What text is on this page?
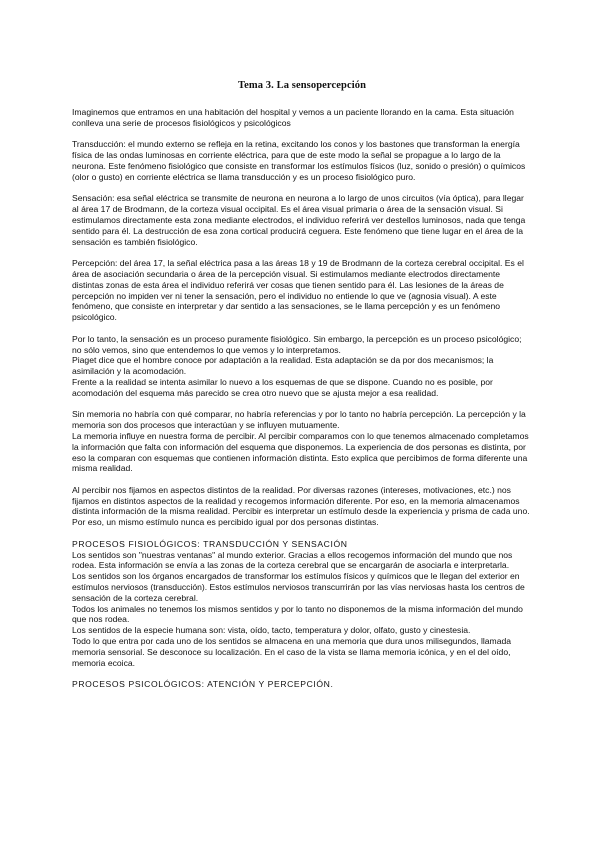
Tema 3. La sensopercepción

Imaginemos que entramos en una habitación del hospital y vemos a un paciente llorando en la cama. Esta situación conlleva una serie de procesos fisiológicos y psicológicos

Transducción: el mundo externo se refleja en la retina, excitando los conos y los bastones que transforman la energía física de las ondas luminosas en corriente eléctrica, para que de este modo la señal se propague a lo largo de la neurona. Este fenómeno fisiológico que consiste en transformar los estímulos físicos (luz, sonido o presión) o químicos (olor o gusto) en corriente eléctrica se llama transducción y es un proceso fisiológico puro.

Sensación: esa señal eléctrica se transmite de neurona en neurona a lo largo de unos circuitos (vía óptica), para llegar al área 17 de Brodmann, de la corteza visual occipital. Es el área visual primaria o área de la sensación visual. Si estimulamos directamente esta zona mediante electrodos, el individuo referirá ver destellos luminosos, nada que tenga sentido para él. La destrucción de esa zona cortical producirá ceguera. Este fenómeno que tiene lugar en el área de la sensación es también fisiológico.

Percepción: del área 17, la señal eléctrica pasa a las áreas 18 y 19 de Brodmann de la corteza cerebral occipital. Es el área de asociación secundaria o área de la percepción visual. Si estimulamos mediante electrodos directamente distintas zonas de esta área el individuo referirá ver cosas que tienen sentido para él. Las lesiones de la áreas de percepción no impiden ver ni tener la sensación, pero el individuo no entiende lo que ve (agnosia visual). A este fenómeno, que consiste en interpretar y dar sentido a las sensaciones, se le llama percepción y es un fenómeno psicológico.

Por lo tanto, la sensación es un proceso puramente fisiológico. Sin embargo, la percepción es un proceso psicológico; no sólo vemos, sino que entendemos lo que vemos y lo interpretamos.

Piaget dice que el hombre conoce por adaptación a la realidad. Esta adaptación se da por dos mecanismos; la asimilación y la acomodación.

Frente a la realidad se intenta asimilar lo nuevo a los esquemas de que se dispone. Cuando no es posible, por acomodación del esquema más parecido se crea otro nuevo que se ajusta mejor a esa realidad.

Sin memoria no habría con qué comparar, no habría referencias y por lo tanto no habría percepción. La percepción y la memoria son dos procesos que interactúan y se influyen mutuamente.

La memoria influye en nuestra forma de percibir. Al percibir comparamos con lo que tenemos almacenado completamos la información que falta con información del esquema que disponemos. La experiencia de dos personas es distinta, por eso la comparan con esquemas que contienen información distinta. Esto explica que percibimos de forma diferente una misma realidad.

Al percibir nos fijamos en aspectos distintos de la realidad. Por diversas razones (intereses, motivaciones, etc.) nos fijamos en distintos aspectos de la realidad y recogemos información diferente. Por eso, en la memoria almacenamos distinta información de la misma realidad. Percibir es interpretar un estímulo desde la experiencia y prisma de cada uno. Por eso, un mismo estímulo nunca es percibido igual por dos personas distintas.

PROCESOS FISIOLÓGICOS: TRANSDUCCIÓN Y SENSACIÓN

Los sentidos son "nuestras ventanas" al mundo exterior. Gracias a ellos recogemos información del mundo que nos rodea. Esta información se envía a las zonas de la corteza cerebral que se encargarán de asociarla e interpretarla.

Los sentidos son los órganos encargados de transformar los estímulos físicos y químicos que le llegan del exterior en estímulos nerviosos (transducción). Estos estímulos nerviosos transcurrirán por las vías nerviosas hasta los centros de sensación de la corteza cerebral.

Todos los animales no tenemos los mismos sentidos y por lo tanto no disponemos de la misma información del mundo que nos rodea.

Los sentidos de la especie humana son: vista, oído, tacto, temperatura y dolor, olfato, gusto y cinestesia.

Todo lo que entra por cada uno de los sentidos se almacena en una memoria que dura unos milisegundos, llamada memoria sensorial. Se desconoce su localización. En el caso de la vista se llama memoria icónica, y en el del oído, memoria ecoica.

PROCESOS PSICOLÓGICOS: ATENCIÓN Y PERCEPCIÓN.
